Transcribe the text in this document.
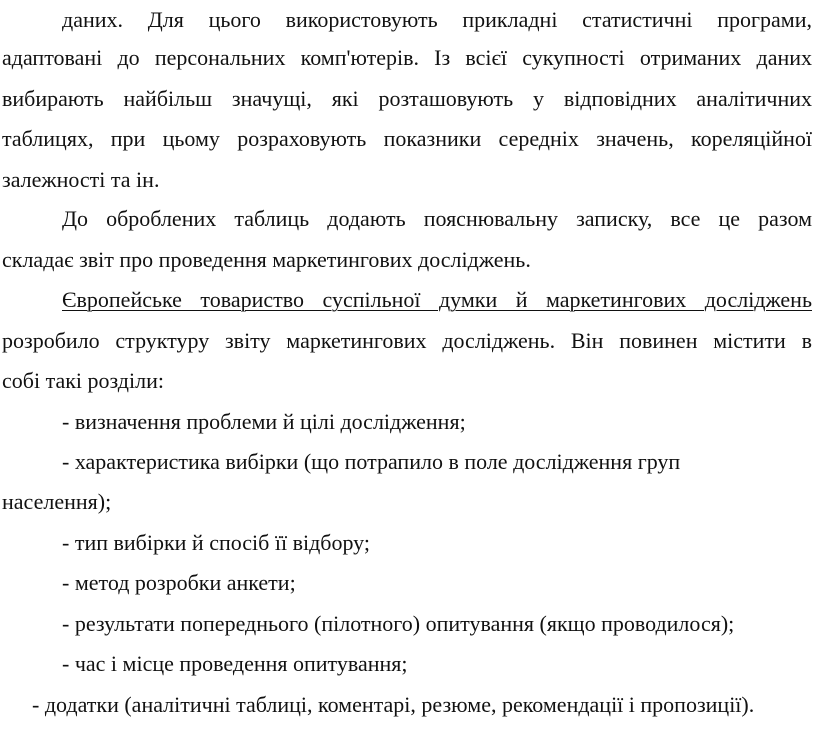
даних. Для цього використовують прикладні статистичні програми,
адаптовані до персональних комп'ютерів. Із всієї сукупності отриманих даних
вибирають найбільш значущі, які розташовують у відповідних аналітичних
таблицях, при цьому розраховують показники середніх значень, кореляційної
залежності та ін.
До оброблених таблиць додають пояснювальну записку, все це разом
складає звіт про проведення маркетингових досліджень.
Європейське товариство суспільної думки й маркетингових досліджень
розробило структуру звіту маркетингових досліджень. Він повинен містити в
собі такі розділи:
- визначення проблеми й цілі дослідження;
- характеристика вибірки (що потрапило в поле дослідження груп
населення);
- тип вибірки й спосіб її відбору;
- метод розробки анкети;
- результати попереднього (пілотного) опитування (якщо проводилося);
- час і місце проведення опитування;
- додатки (аналітичні таблиці, коментарі, резюме, рекомендації і пропозиції).
